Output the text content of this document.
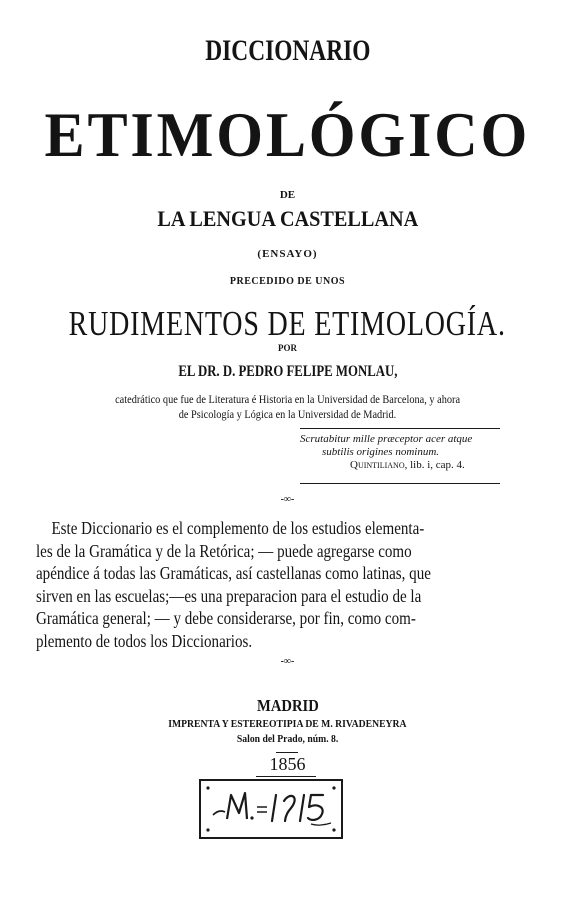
DICCIONARIO
ETIMOLÓGICO
DE
LA LENGUA CASTELLANA
(ENSAYO)
PRECEDIDO DE UNOS
RUDIMENTOS DE ETIMOLOGÍA.
POR
EL DR. D. PEDRO FELIPE MONLAU,
catedrático que fue de Literatura é Historia en la Universidad de Barcelona, y ahora
de Psicología y Lógica en la Universidad de Madrid.
Scrutabitur mille præceptor acer atque
subtilis origines nominum.
Quintiliano, lib. i, cap. 4.
-∞-
Este Diccionario es el complemento de los estudios elementa-
les de la Gramática y de la Retórica; — puede agregarse como
apéndice á todas las Gramáticas, así castellanas como latinas, que
sirven en las escuelas;—es una preparacion para el estudio de la
Gramática general; — y debe considerarse, por fin, como com-
plemento de todos los Diccionarios.
-∞-
MADRID
IMPRENTA Y ESTEREOTIPIA DE M. RIVADENEYRA
Salon del Prado, núm. 8.
1856
